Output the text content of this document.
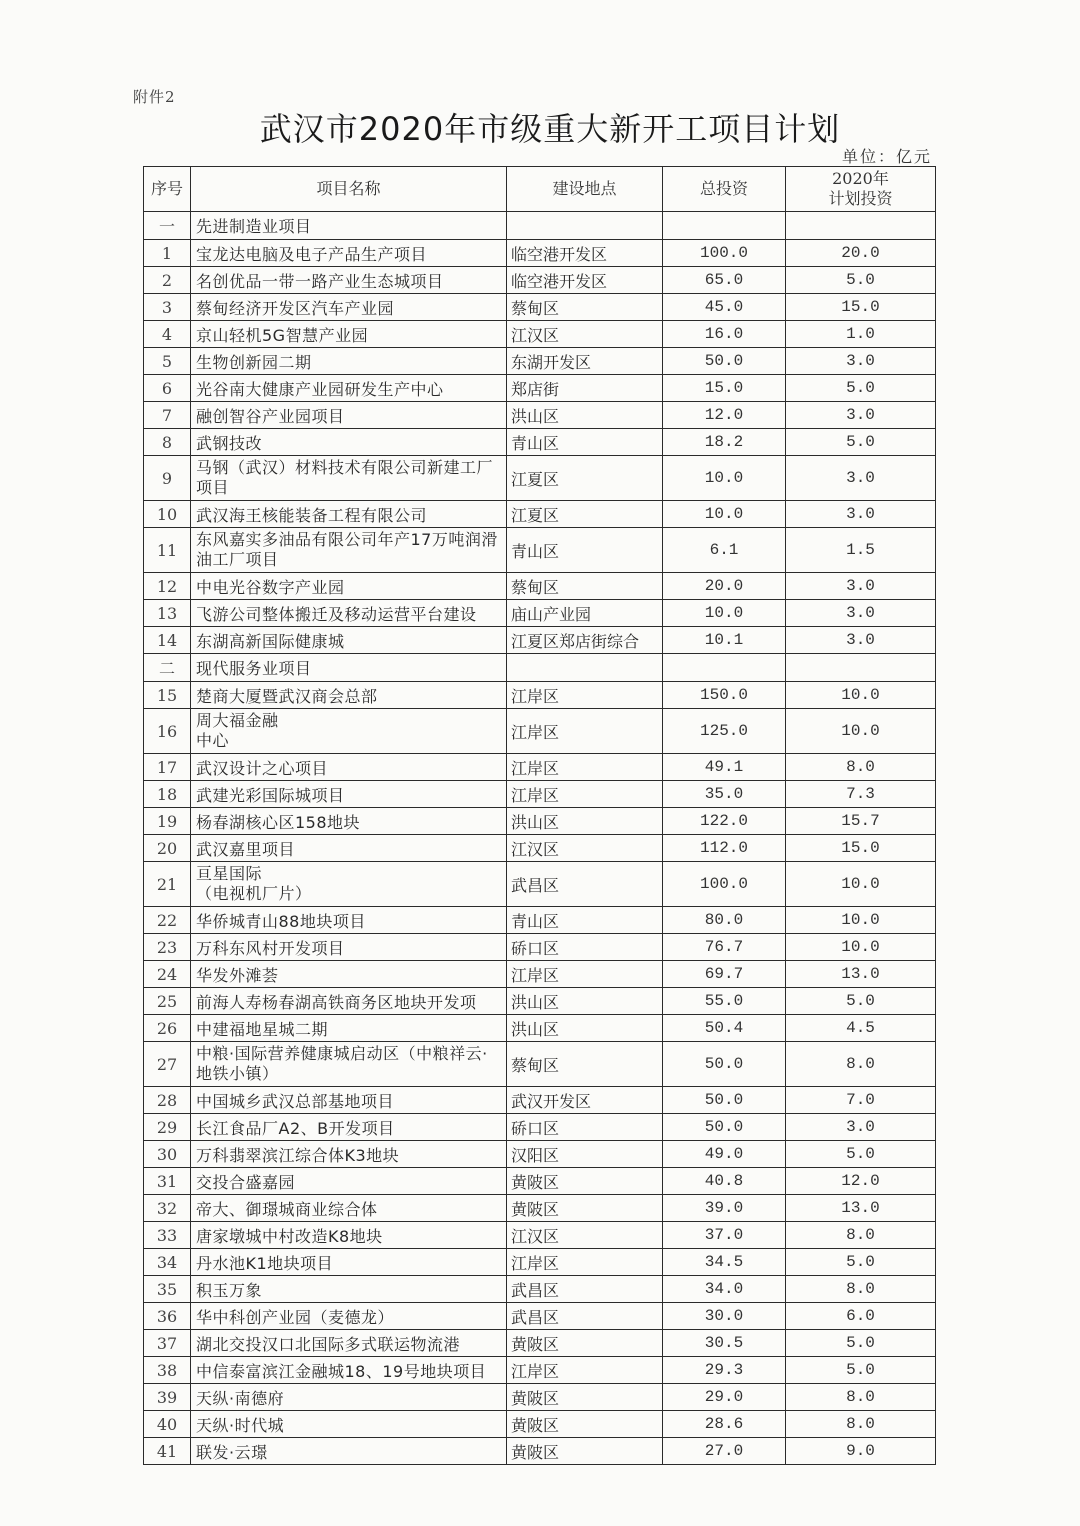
附件2
武汉市2020年市级重大新开工项目计划
单位：亿元
序号	项目名称	建设地点	总投资	2020年
计划投资

一	先进制造业项目			
1	宝龙达电脑及电子产品生产项目	临空港开发区	100.0	20.0
2	名创优品一带一路产业生态城项目	临空港开发区	65.0	5.0
3	蔡甸经济开发区汽车产业园	蔡甸区	45.0	15.0
4	京山轻机5G智慧产业园	江汉区	16.0	1.0
5	生物创新园二期	东湖开发区	50.0	3.0
6	光谷南大健康产业园研发生产中心	郑店街	15.0	5.0
7	融创智谷产业园项目	洪山区	12.0	3.0
8	武钢技改	青山区	18.2	5.0
9	马钢（武汉）材料技术有限公司新建工厂项目	江夏区	10.0	3.0
10	武汉海王核能装备工程有限公司	江夏区	10.0	3.0
11	东风嘉实多油品有限公司年产17万吨润滑油工厂项目	青山区	6.1	1.5
12	中电光谷数字产业园	蔡甸区	20.0	3.0
13	飞游公司整体搬迁及移动运营平台建设	庙山产业园	10.0	3.0
14	东湖高新国际健康城	江夏区郑店街综合	10.1	3.0
二	现代服务业项目			
15	楚商大厦暨武汉商会总部	江岸区	150.0	10.0
16	周大福金融
中心	江岸区	125.0	10.0
17	武汉设计之心项目	江岸区	49.1	8.0
18	武建光彩国际城项目	江岸区	35.0	7.3
19	杨春湖核心区158地块	洪山区	122.0	15.7
20	武汉嘉里项目	江汉区	112.0	15.0
21	亘星国际
（电视机厂片）	武昌区	100.0	10.0
22	华侨城青山88地块项目	青山区	80.0	10.0
23	万科东风村开发项目	硚口区	76.7	10.0
24	华发外滩荟	江岸区	69.7	13.0
25	前海人寿杨春湖高铁商务区地块开发项	洪山区	55.0	5.0
26	中建福地星城二期	洪山区	50.4	4.5
27	中粮·国际营养健康城启动区（中粮祥云·地铁小镇）	蔡甸区	50.0	8.0
28	中国城乡武汉总部基地项目	武汉开发区	50.0	7.0
29	长江食品厂A2、B开发项目	硚口区	50.0	3.0
30	万科翡翠滨江综合体K3地块	汉阳区	49.0	5.0
31	交投合盛嘉园	黄陂区	40.8	12.0
32	帝大、御璟城商业综合体	黄陂区	39.0	13.0
33	唐家墩城中村改造K8地块	江汉区	37.0	8.0
34	丹水池K1地块项目	江岸区	34.5	5.0
35	积玉万象	武昌区	34.0	8.0
36	华中科创产业园（麦德龙）	武昌区	30.0	6.0
37	湖北交投汉口北国际多式联运物流港	黄陂区	30.5	5.0
38	中信泰富滨江金融城18、19号地块项目	江岸区	29.3	5.0
39	天纵·南德府	黄陂区	29.0	8.0
40	天纵·时代城	黄陂区	28.6	8.0
41	联发·云璟	黄陂区	27.0	9.0
